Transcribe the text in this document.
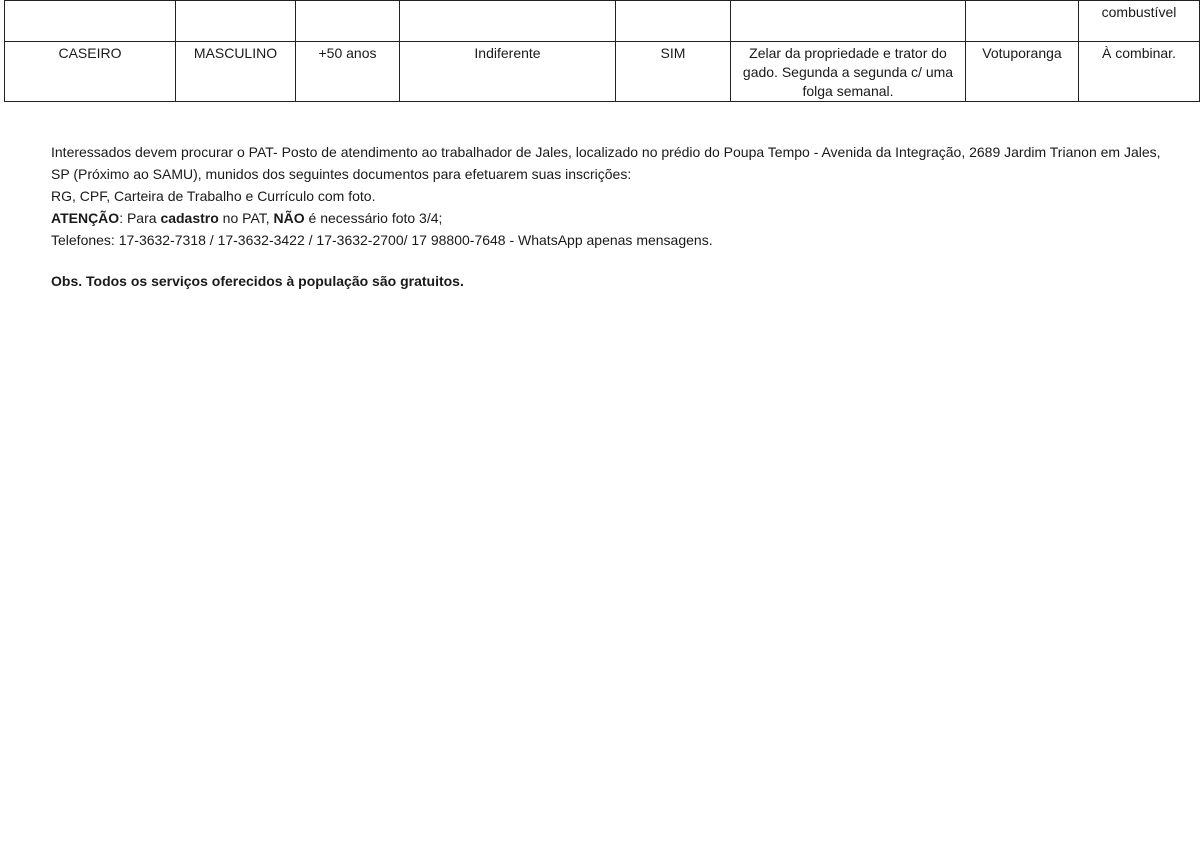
							combustível
CASEIRO	MASCULINO	+50 anos	Indiferente	SIM	Zelar da propriedade e trator do gado. Segunda a segunda c/ uma folga semanal.	Votuporanga	À combinar.

Interessados devem procurar o PAT- Posto de atendimento ao trabalhador de Jales, localizado no prédio do Poupa Tempo - Avenida da Integração, 2689 Jardim Trianon em Jales, SP (Próximo ao SAMU), munidos dos seguintes documentos para efetuarem suas inscrições:

RG, CPF, Carteira de Trabalho e Currículo com foto.

ATENÇÃO: Para cadastro no PAT, NÃO é necessário foto 3/4;

Telefones: 17-3632-7318 / 17-3632-3422 / 17-3632-2700/ 17 98800-7648 - WhatsApp apenas mensagens.

Obs. Todos os serviços oferecidos à população são gratuitos.
